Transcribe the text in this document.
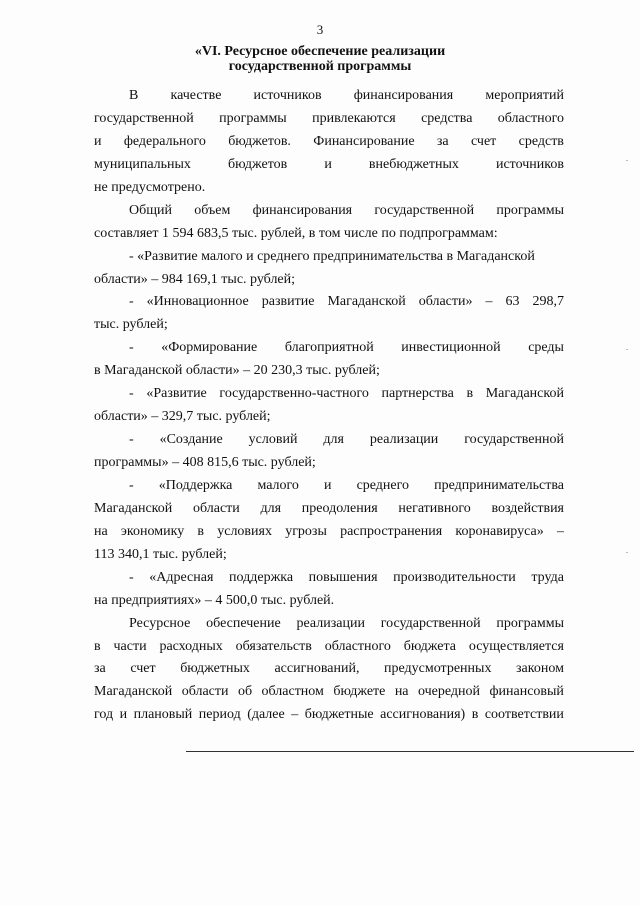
3
«VI. Ресурсное обеспечение реализации
государственной программы
В качестве источников финансирования мероприятий
государственной программы привлекаются средства областного
и федерального бюджетов. Финансирование за счет средств
муниципальных	бюджетов	и	внебюджетных	источников
не предусмотрено.
Общий объем финансирования государственной программы
составляет 1 594 683,5 тыс. рублей, в том числе по подпрограммам:
- «Развитие малого и среднего предпринимательства в Магаданской
области» – 984 169,1 тыс. рублей;
- «Инновационное развитие Магаданской области» – 63 298,7
тыс. рублей;
- «Формирование благоприятной инвестиционной среды
в Магаданской области» – 20 230,3 тыс. рублей;
- «Развитие государственно-частного партнерства в Магаданской
области» – 329,7 тыс. рублей;
- «Создание условий для реализации государственной
программы» – 408 815,6 тыс. рублей;
- «Поддержка малого и среднего предпринимательства
Магаданской области для преодоления негативного воздействия
на экономику в условиях угрозы распространения коронавируса» –
113 340,1 тыс. рублей;
- «Адресная поддержка повышения производительности труда
на предприятиях» – 4 500,0 тыс. рублей.
Ресурсное обеспечение реализации государственной программы
в части расходных обязательств областного бюджета осуществляется
за счет бюджетных ассигнований, предусмотренных законом
Магаданской области об областном бюджете на очередной финансовый
год и плановый период (далее – бюджетные ассигнования) в соответствии
